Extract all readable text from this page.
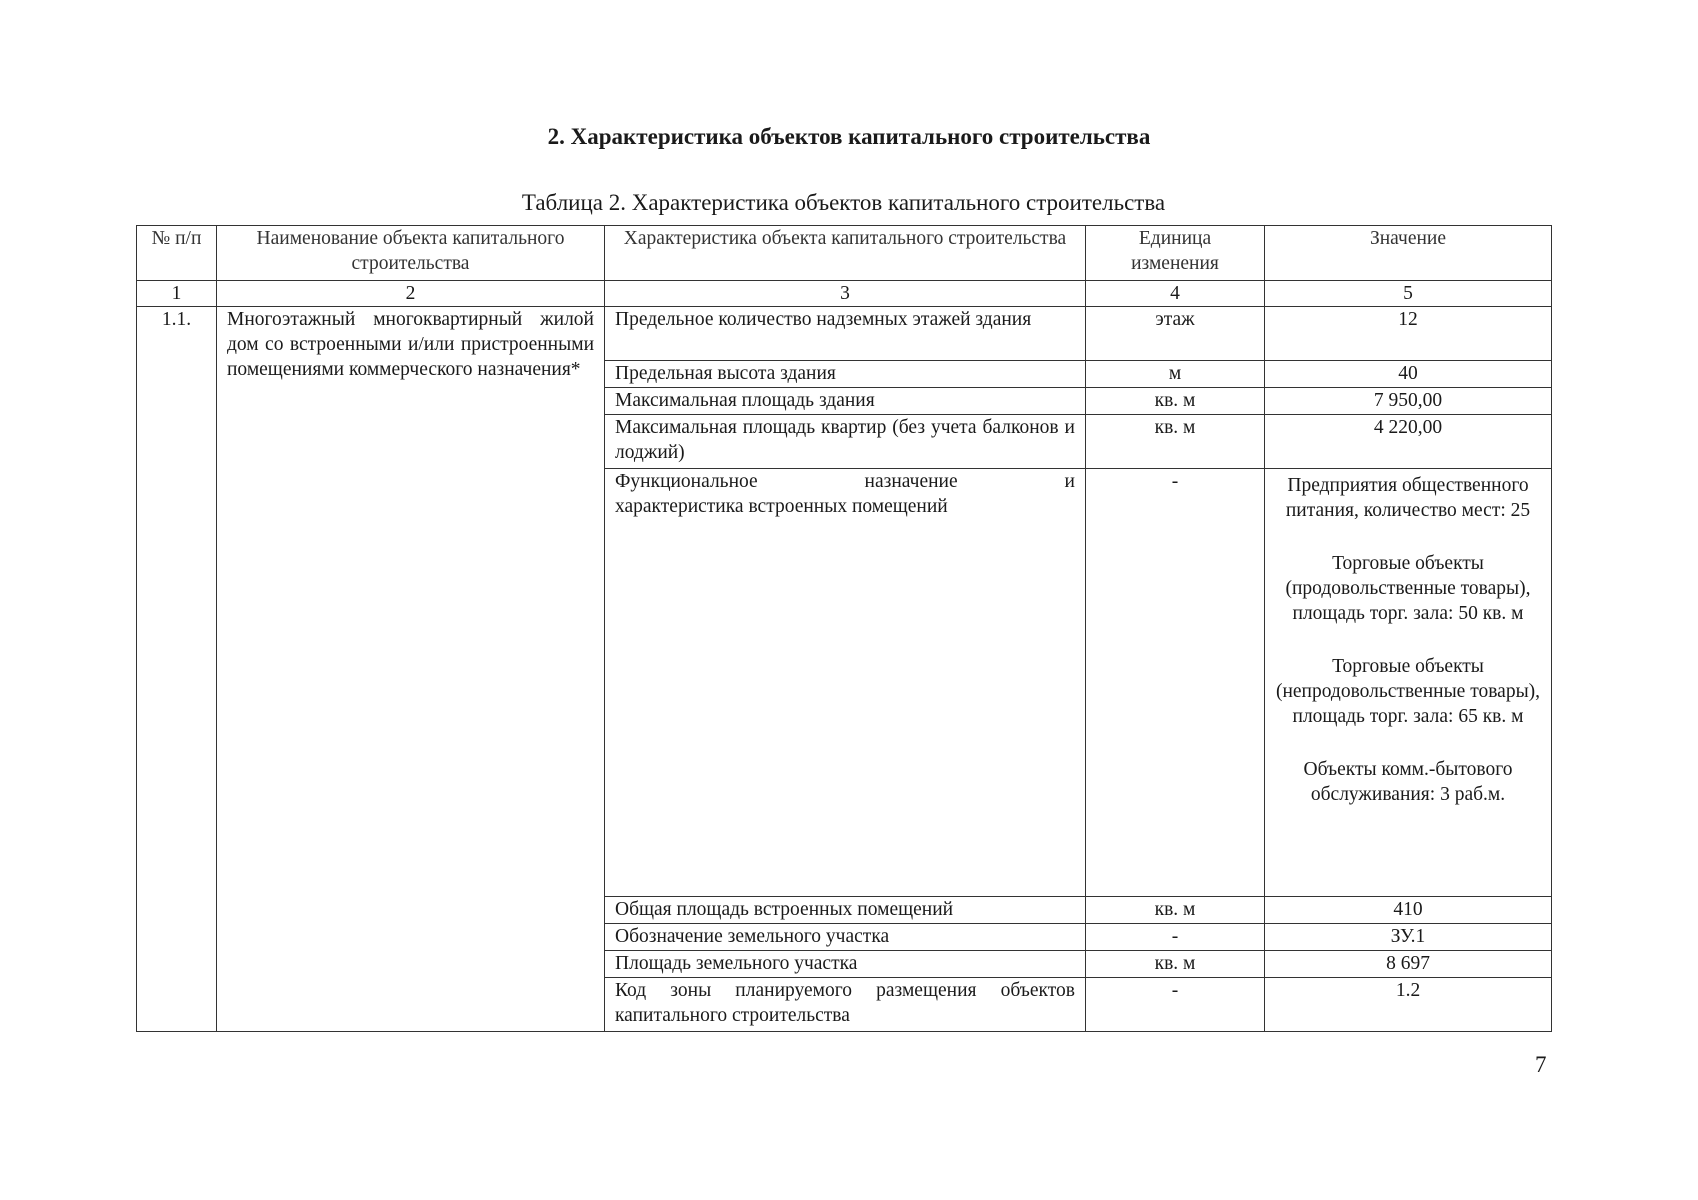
2. Характеристика объектов капитального строительства
Таблица 2. Характеристика объектов капитального строительства
№ п/п	Наименование объекта капитального строительства	Характеристика объекта капитального строительства	Единица изменения	Значение
1	2	3	4	5
1.1.	Многоэтажный многоквартирный жилой дом со встроенными и/или пристроенными помещениями коммерческого назначения*	Предельное количество надземных этажей здания	этаж	12
		Предельная высота здания	м	40
		Максимальная площадь здания	кв. м	7 950,00
		Максимальная площадь квартир (без учета балконов и лоджий)	кв. м	4 220,00

		Функциональное назначение и
характеристика встроенных помещений	-	Предприятия общественного питания, количество мест: 25
Торговые объекты (продовольственные товары), площадь торг. зала: 50 кв. м
Торговые объекты (непродовольственные товары), площадь торг. зала: 65 кв. м
Объекты комм.-бытового обслуживания: 3 раб.м.

		Общая площадь встроенных помещений	кв. м	410
		Обозначение земельного участка	-	ЗУ.1
		Площадь земельного участка	кв. м	8 697
		Код зоны планируемого размещения объектов капитального строительства	-	1.2
7
